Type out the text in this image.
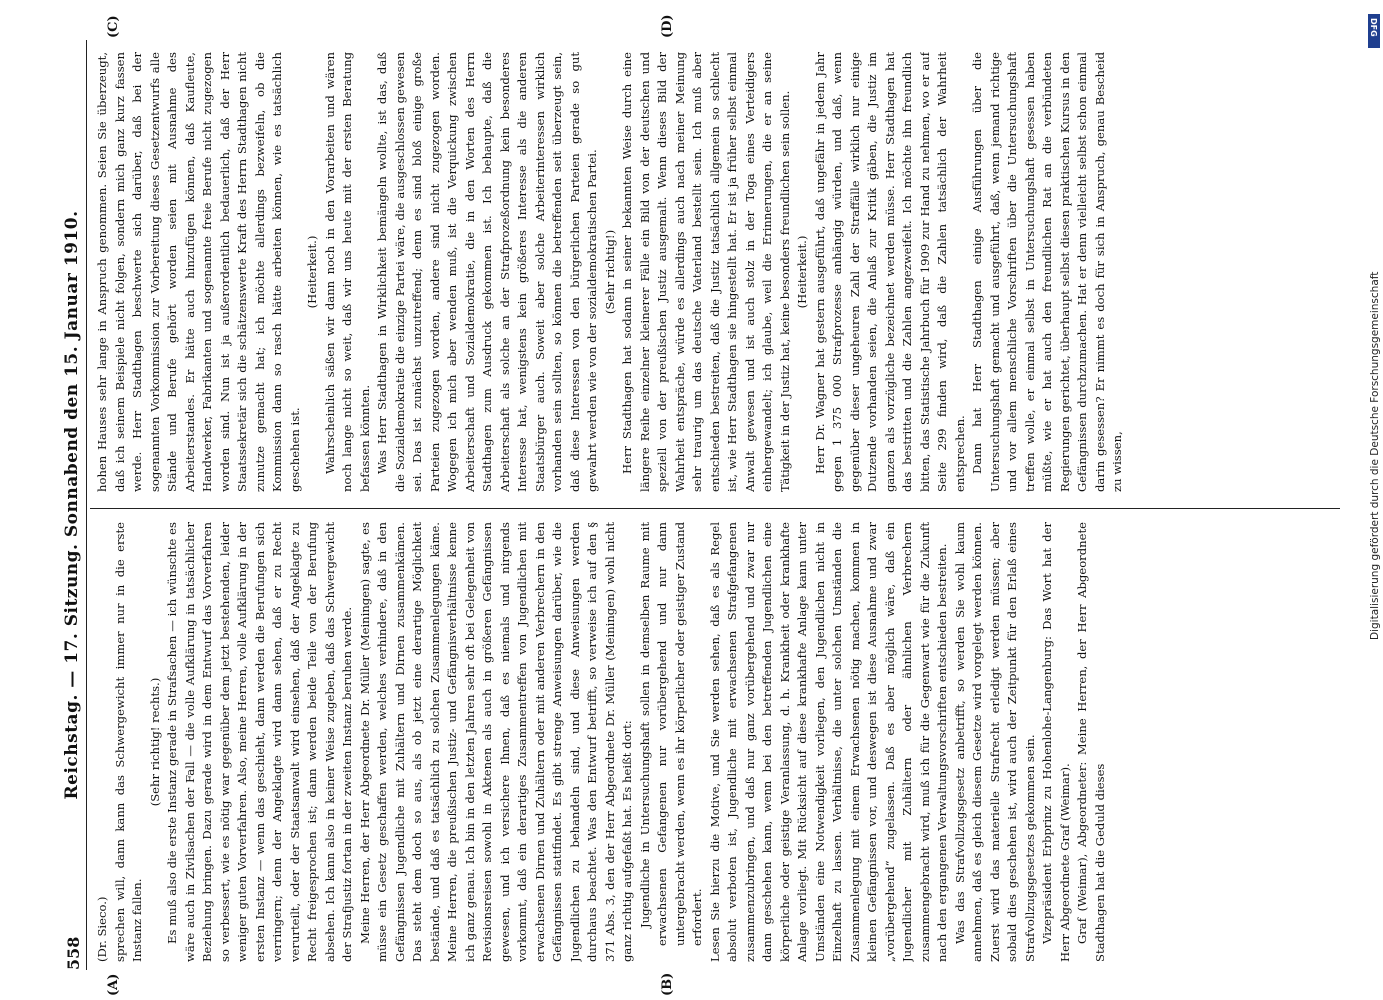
558
Reichstag. — 17. Sitzung. Sonnabend den 15. Januar 1910.
(A)	(B)
(C)	(D)

(Dr. Sieco.) sprechen will, dann kann das Schwergewicht immer nur in die erste Instanz fallen.

(Sehr richtig! rechts.) Es muß also die erste Instanz gerade in Strafsachen — ich wünschte es wäre auch in Zivilsachen der Fall — die volle Aufklärung in tatsächlicher Beziehung bringen. Dazu gerade wird in dem Entwurf das Vorverfahren so verbessert, wie es nötig war gegenüber dem jetzt bestehenden, leider weniger guten Vorverfahren. Also, meine Herren, volle Aufklärung in der ersten Instanz — wenn das geschieht, dann werden die Berufungen sich verringern; denn der Angeklagte wird dann sehen, daß er zu Recht verurteilt, oder der Staatsanwalt wird einsehen, daß der Angeklagte zu Recht freigesprochen ist; dann werden beide Teile von der Berufung absehen. Ich kann also in keiner Weise zugeben, daß das Schwergewicht der Strafjustiz fortan in der zweiten Instanz beruhen werde. Meine Herren, der Herr Abgeordnete Dr. Müller (Meiningen) sagte, es müsse ein Gesetz geschaffen werden, welches verhindere, daß in den Gefängnissen Jugendliche mit Zuhältern und Dirnen zusammenkämen. Das steht dem doch so aus, als ob jetzt eine derartige Möglichkeit bestände, und daß es tatsächlich zu solchen Zusammenlegungen käme. Meine Herren, die preußischen Justiz- und Gefängnisverhältnisse kenne ich ganz genau. Ich bin in den letzten Jahren sehr oft bei Gelegenheit von Revisionsreisen sowohl in Aktenen als auch in größeren Gefängnissen gewesen, und ich versichere Ihnen, daß es niemals und nirgends vorkommt, daß ein derartiges Zusammentreffen von Jugendlichen mit erwachsenen Dirnen und Zuhältern oder mit anderen Verbrechern in den Gefängnissen stattfindet. Es gibt strenge Anweisungen darüber, wie die Jugendlichen zu behandeln sind, und diese Anweisungen werden durchaus beachtet. Was den Entwurf betrifft, so verweise ich auf den § 371 Abs. 3, den der Herr Abgeordnete Dr. Müller (Meiningen) wohl nicht ganz richtig aufgefaßt hat. Es heißt dort: Jugendliche in Untersuchungshaft sollen in demselben Raume mit erwachsenen Gefangenen nur vorübergehend und nur dann untergebracht werden, wenn es ihr körperlicher oder geistiger Zustand erfordert. Lesen Sie hierzu die Motive, und Sie werden sehen, daß es als Regel absolut verboten ist, Jugendliche mit erwachsenen Strafgefangenen zusammenzubringen, und daß nur ganz vorübergehend und zwar nur dann geschehen kann, wenn bei den betreffenden Jugendlichen eine körperliche oder geistige Veranlassung, d. h. Krankheit oder krankhafte Anlage vorliegt. Mit Rücksicht auf diese krankhafte Anlage kann unter Umständen eine Notwendigkeit vorliegen, den Jugendlichen nicht in Einzelhaft zu lassen. Verhältnisse, die unter solchen Umständen die Zusammenlegung mit einem Erwachsenen nötig machen, kommen in kleinen Gefängnissen vor, und deswegen ist diese Ausnahme und zwar „vorübergehend“ zugelassen. Daß es aber möglich wäre, daß ein Jugendlicher mit Zuhältern oder ähnlichen Verbrechern zusammengebracht wird, muß ich für die Gegenwart wie für die Zukunft nach den ergangenen Verwaltungsvorschriften entschieden bestreiten. Was das Strafvollzugsgesetz anbetrifft, so werden Sie wohl kaum annehmen, daß es gleich diesem Gesetze wird vorgelegt werden können. Zuerst wird das materielle Strafrecht erledigt werden müssen; aber sobald dies geschehen ist, wird auch der Zeitpunkt für den Erlaß eines Strafvollzugsgesetzes gekommen sein. Vizepräsident Erbprinz zu Hohenlohe-Langenburg: Das Wort hat der Herr Abgeordnete Graf (Weimar). Graf (Weimar), Abgeordneter: Meine Herren, der Herr Abgeordnete Stadthagen hat die Geduld dieses

hohen Hauses sehr lange in Anspruch genommen. Seien Sie überzeugt, daß ich seinem Beispiele nicht folgen, sondern mich ganz kurz fassen werde. Herr Stadthagen beschwerte sich darüber, daß bei der sogenannten Vorkommission zur Vorbereitung dieses Gesetzentwurfs alle Stände und Berufe gehört worden seien mit Ausnahme des Arbeiterstandes. Er hätte auch hinzufügen können, daß Kaufleute, Handwerker, Fabrikanten und sogenannte freie Berufe nicht zugezogen worden sind. Nun ist ja außerordentlich bedauerlich, daß der Herr Staatssekretär sich die schätzenswerte Kraft des Herrn Stadthagen nicht zunutze gemacht hat; ich möchte allerdings bezweifeln, ob die Kommission dann so rasch hätte arbeiten können, wie es tatsächlich geschehen ist.

(Heiterkeit.) Wahrscheinlich säßen wir dann noch in den Vorarbeiten und wären noch lange nicht so weit, daß wir uns heute mit der ersten Beratung befassen könnten. Was Herr Stadthagen in Wirklichkeit bemängeln wollte, ist das, daß die Sozialdemokratie die einzige Partei wäre, die ausgeschlossen gewesen sei. Das ist zunächst unzutreffend; denn es sind bloß einige große Parteien zugezogen worden, andere sind nicht zugezogen worden. Wogegen ich mich aber wenden muß, ist die Verquickung zwischen Arbeiterschaft und Sozialdemokratie, die in den Worten des Herrn Stadthagen zum Ausdruck gekommen ist. Ich behaupte, daß die Arbeiterschaft als solche an der Strafprozeßordnung kein besonderes Interesse hat, wenigstens kein größeres Interesse als die anderen Staatsbürger auch. Soweit aber solche Arbeiterinteressen wirklich vorhanden sein sollten, so können die betreffenden seit überzeugt sein, daß diese Interessen von den bürgerlichen Parteien gerade so gut gewahrt werden wie von der sozialdemokratischen Partei. (Sehr richtig!) Herr Stadthagen hat sodann in seiner bekannten Weise durch eine längere Reihe einzelner kleinerer Fälle ein Bild von der deutschen und speziell von der preußischen Justiz ausgemalt. Wenn dieses Bild der Wahrheit entspräche, würde es allerdings auch nach meiner Meinung sehr traurig um das deutsche Vaterland bestellt sein. Ich muß aber entschieden bestreiten, daß die Justiz tatsächlich allgemein so schlecht ist, wie Herr Stadthagen sie hingestellt hat. Er ist ja früher selbst einmal Anwalt gewesen und ist auch stolz in der Toga eines Verteidigers einhergewandelt; ich glaube, weil die Erinnerungen, die er an seine Tätigkeit in der Justiz hat, keine besonders freundlichen sein sollen. (Heiterkeit.) Herr Dr. Wagner hat gestern ausgeführt, daß ungefähr in jedem Jahr gegen 1 375 000 Strafprozesse anhängig würden, und daß, wenn gegenüber dieser ungeheuren Zahl der Straffälle wirklich nur einige Dutzende vorhanden seien, die Anlaß zur Kritik gäben, die Justiz im ganzen als vorzügliche bezeichnet werden müsse. Herr Stadthagen hat das bestritten und die Zahlen angezweifelt. Ich möchte ihn freundlich bitten, das Statistische Jahrbuch für 1909 zur Hand zu nehmen, wo er auf Seite 299 finden wird, daß die Zahlen tatsächlich der Wahrheit entsprechen. Dann hat Herr Stadthagen einige Ausführungen über die Untersuchungshaft gemacht und ausgeführt, daß, wenn jemand richtige und vor allem menschliche Vorschriften über die Untersuchungshaft treffen wolle, er einmal selbst in Untersuchungshaft gesessen haben müßte, wie er hat auch den freundlichen Rat an die verbündeten Regierungen gerichtet, überhaupt selbst diesen praktischen Kursus in den Gefängnissen durchzumachen. Hat er denn vielleicht selbst schon einmal darin gesessen? Er nimmt es doch für sich in Anspruch, genau Bescheid zu wissen,

DFG
Digitalisierung gefördert durch die Deutsche Forschungsgemeinschaft
